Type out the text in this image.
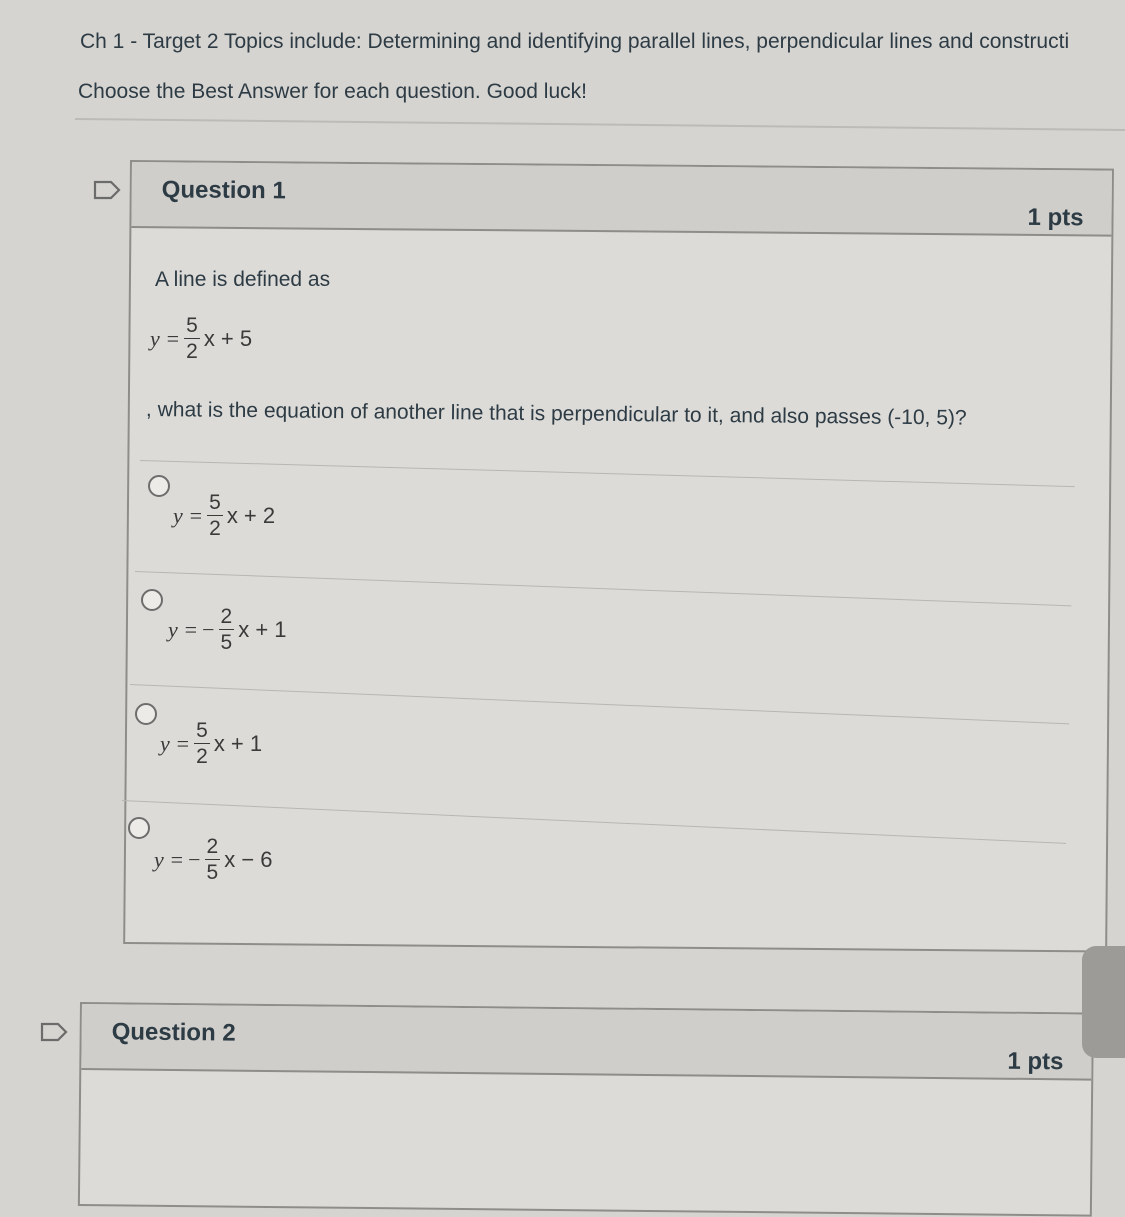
Ch 1 - Target 2 Topics include: Determining and identifying parallel lines, perpendicular lines and constructi
Choose the Best Answer for each question. Good luck!
Question 1
1 pts
A line is defined as
$y = \frac{5}{2}$ x + 5
, what is the equation of another line that is perpendicular to it, and also passes (-10, 5)?
$y = \frac{5}{2}$ x + 2
y = − $\frac{2}{5}$ x + 1
$y = \frac{5}{2}$ x + 1
y = − $\frac{2}{5}$ x − 6
Question 2
1 pts
